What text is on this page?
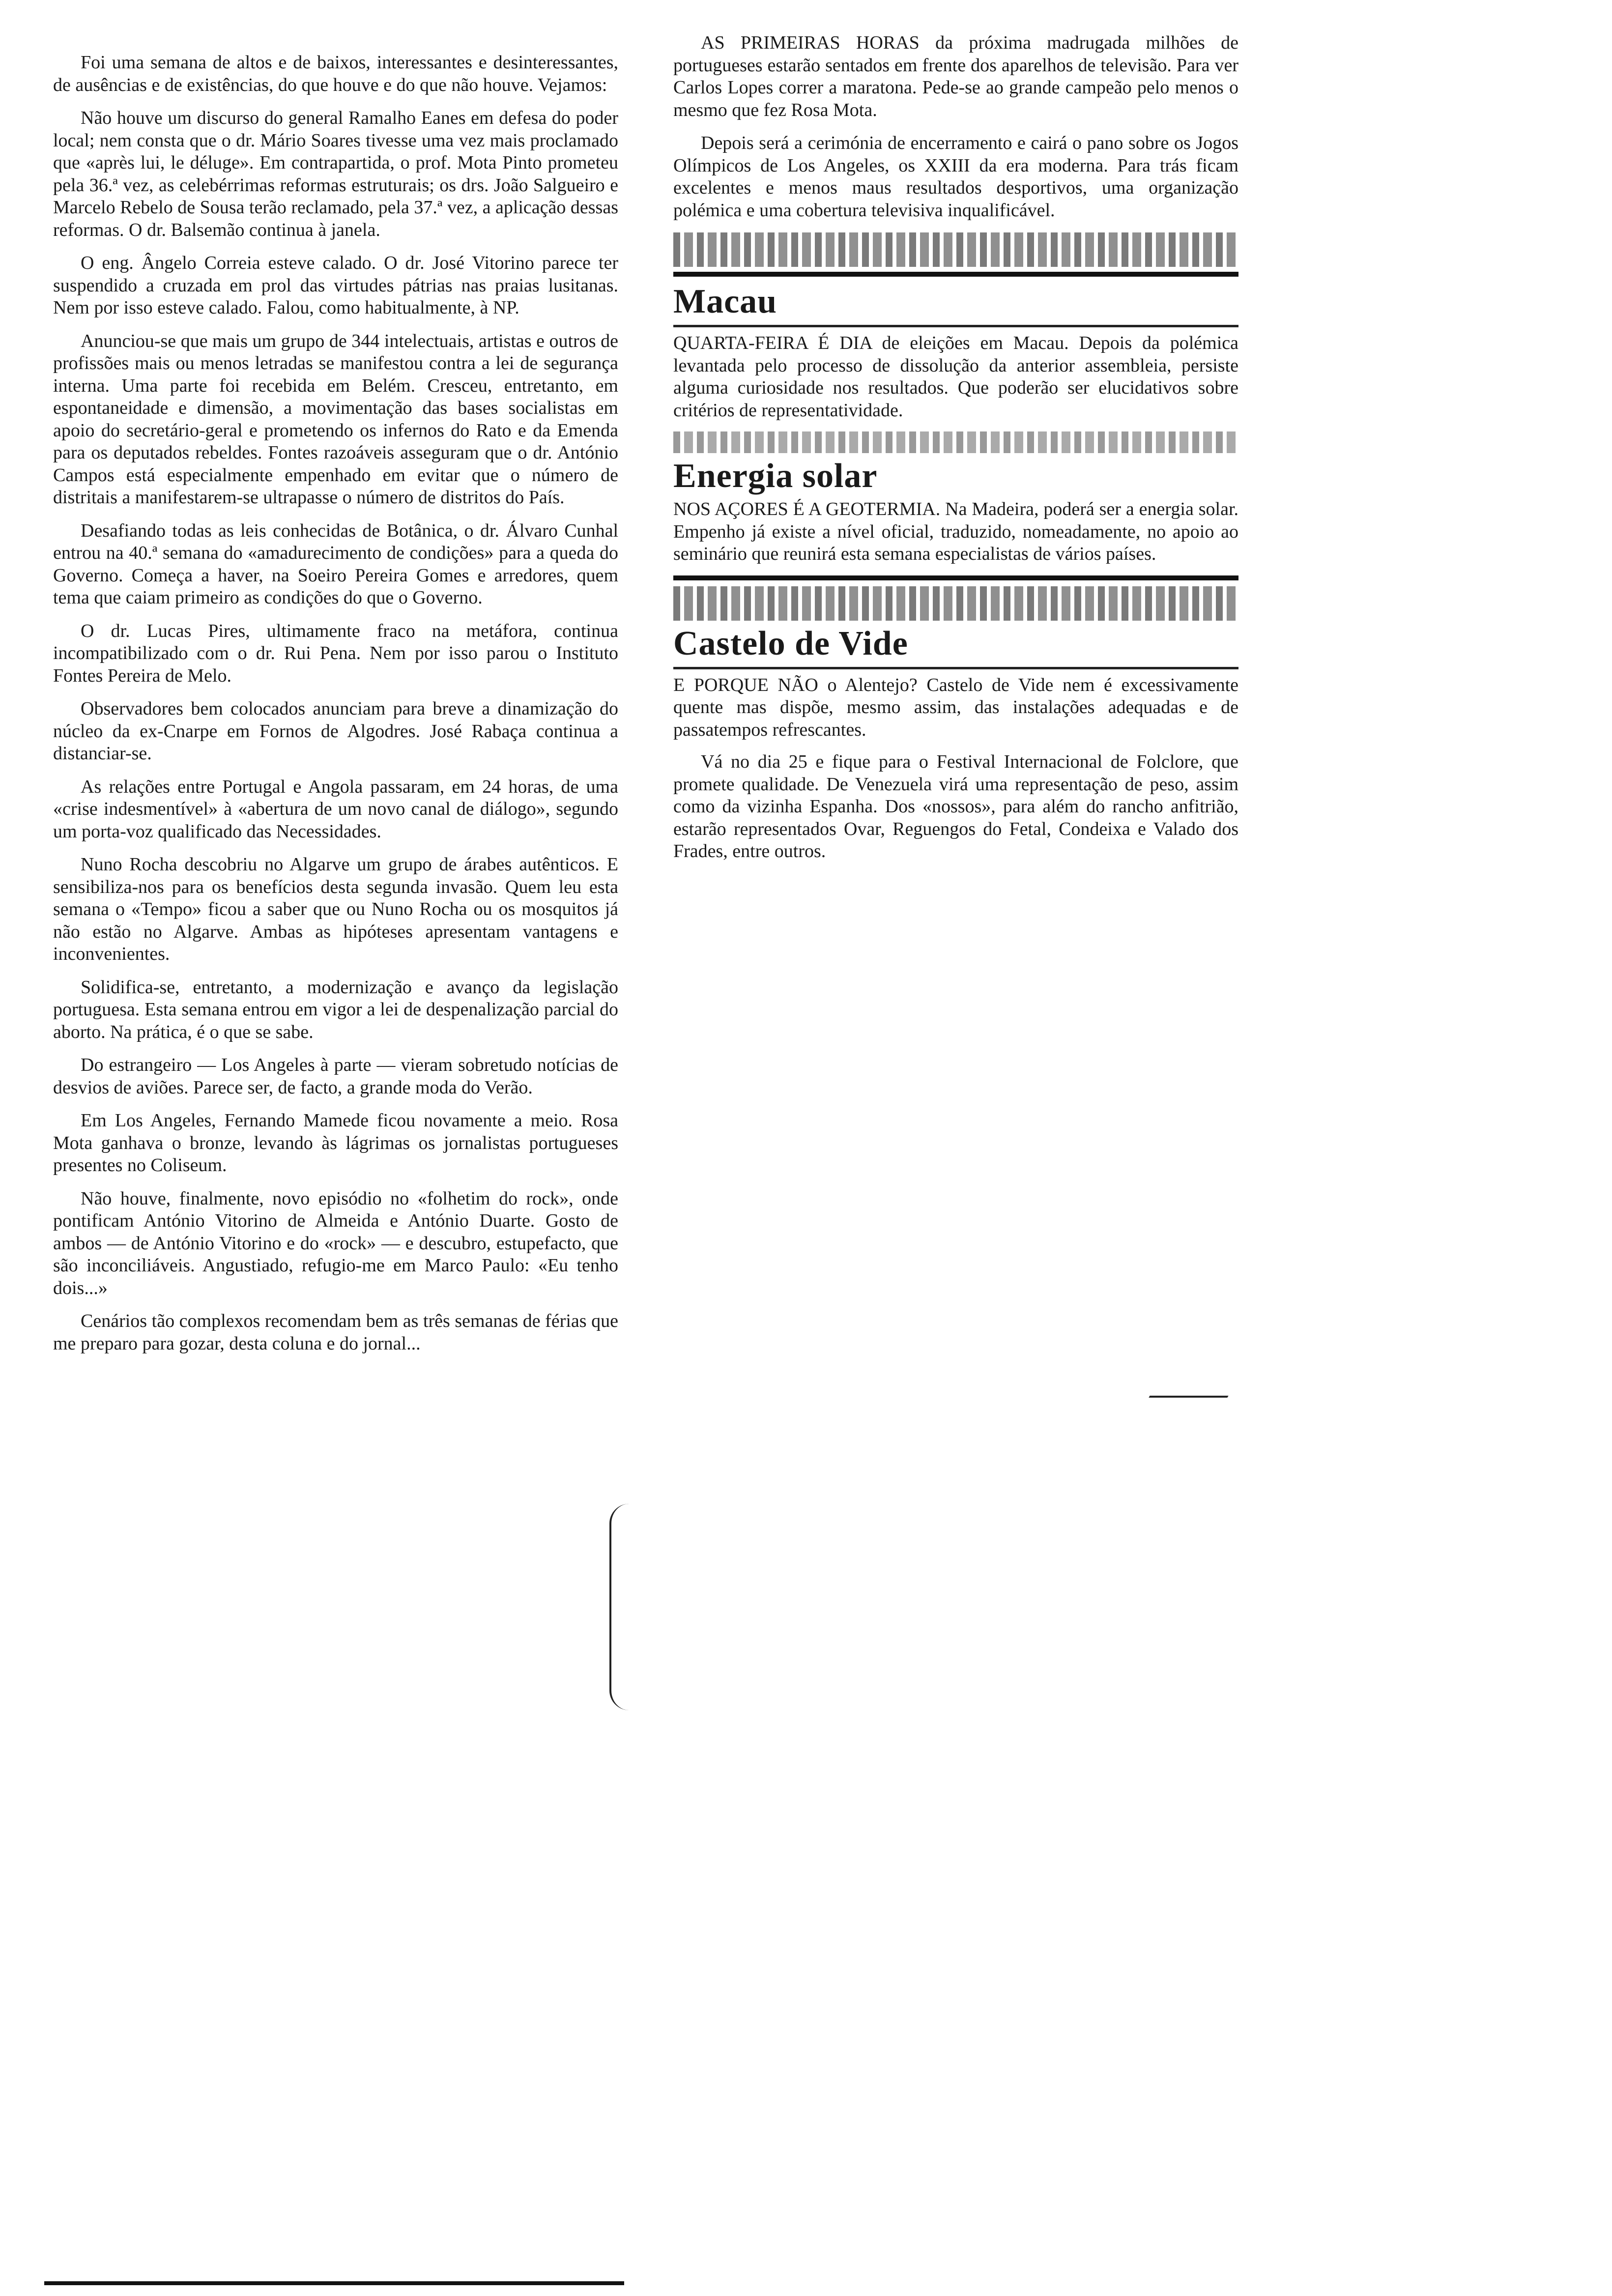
Foi uma semana de altos e de baixos, interessantes e desinteressantes, de ausências e de existências, do que houve e do que não houve. Vejamos:

Não houve um discurso do general Ramalho Eanes em defesa do poder local; nem consta que o dr. Mário Soares tivesse uma vez mais proclamado que «après lui, le déluge». Em contrapartida, o prof. Mota Pinto prometeu pela 36.ª vez, as celebérrimas reformas estruturais; os drs. João Salgueiro e Marcelo Rebelo de Sousa terão reclamado, pela 37.ª vez, a aplicação dessas reformas. O dr. Balsemão continua à janela.

O eng. Ângelo Correia esteve calado. O dr. José Vitorino parece ter suspendido a cruzada em prol das virtudes pátrias nas praias lusitanas. Nem por isso esteve calado. Falou, como habitualmente, à NP.

Anunciou-se que mais um grupo de 344 intelectuais, artistas e outros de profissões mais ou menos letradas se manifestou contra a lei de segurança interna. Uma parte foi recebida em Belém. Cresceu, entretanto, em espontaneidade e dimensão, a movimentação das bases socialistas em apoio do secretário-geral e prometendo os infernos do Rato e da Emenda para os deputados rebeldes. Fontes razoáveis asseguram que o dr. António Campos está especialmente empenhado em evitar que o número de distritais a manifestarem-se ultrapasse o número de distritos do País.

Desafiando todas as leis conhecidas de Botânica, o dr. Álvaro Cunhal entrou na 40.ª semana do «amadurecimento de condições» para a queda do Governo. Começa a haver, na Soeiro Pereira Gomes e arredores, quem tema que caiam primeiro as condições do que o Governo.

O dr. Lucas Pires, ultimamente fraco na metáfora, continua incompatibilizado com o dr. Rui Pena. Nem por isso parou o Instituto Fontes Pereira de Melo.

Observadores bem colocados anunciam para breve a dinamização do núcleo da ex-Cnarpe em Fornos de Algodres. José Rabaça continua a distanciar-se.

As relações entre Portugal e Angola passaram, em 24 horas, de uma «crise indesmentível» à «abertura de um novo canal de diálogo», segundo um porta-voz qualificado das Necessidades.

Nuno Rocha descobriu no Algarve um grupo de árabes autênticos. E sensibiliza-nos para os benefícios desta segunda invasão. Quem leu esta semana o «Tempo» ficou a saber que ou Nuno Rocha ou os mosquitos já não estão no Algarve. Ambas as hipóteses apresentam vantagens e inconvenientes.

Solidifica-se, entretanto, a modernização e avanço da legislação portuguesa. Esta semana entrou em vigor a lei de despenalização parcial do aborto. Na prática, é o que se sabe.

Do estrangeiro — Los Angeles à parte — vieram sobretudo notícias de desvios de aviões. Parece ser, de facto, a grande moda do Verão.

Em Los Angeles, Fernando Mamede ficou novamente a meio. Rosa Mota ganhava o bronze, levando às lágrimas os jornalistas portugueses presentes no Coliseum.

Não houve, finalmente, novo episódio no «folhetim do rock», onde pontificam António Vitorino de Almeida e António Duarte. Gosto de ambos — de António Vitorino e do «rock» — e descubro, estupefacto, que são inconciliáveis. Angustiado, refugio-me em Marco Paulo: «Eu tenho dois...»

Cenários tão complexos recomendam bem as três semanas de férias que me preparo para gozar, desta coluna e do jornal...

AS PRIMEIRAS HORAS da próxima madrugada milhões de portugueses estarão sentados em frente dos aparelhos de televisão. Para ver Carlos Lopes correr a maratona. Pede-se ao grande campeão pelo menos o mesmo que fez Rosa Mota.

Depois será a cerimónia de encerramento e cairá o pano sobre os Jogos Olímpicos de Los Angeles, os XXIII da era moderna. Para trás ficam excelentes e menos maus resultados desportivos, uma organização polémica e uma cobertura televisiva inqualificável.

Macau
QUARTA-FEIRA É DIA de eleições em Macau. Depois da polémica levantada pelo processo de dissolução da anterior assembleia, persiste alguma curiosidade nos resultados. Que poderão ser elucidativos sobre critérios de representatividade.
Energia solar
NOS AÇORES É A GEOTERMIA. Na Madeira, poderá ser a energia solar. Empenho já existe a nível oficial, traduzido, nomeadamente, no apoio ao seminário que reunirá esta semana especialistas de vários países.
Castelo de Vide
E PORQUE NÃO o Alentejo? Castelo de Vide nem é excessivamente quente mas dispõe, mesmo assim, das instalações adequadas e de passatempos refrescantes.

Vá no dia 25 e fique para o Festival Internacional de Folclore, que promete qualidade. De Venezuela virá uma representação de peso, assim como da vizinha Espanha. Dos «nossos», para além do rancho anfitrião, estarão representados Ovar, Reguengos do Fetal, Condeixa e Valado dos Frades, entre outros.
